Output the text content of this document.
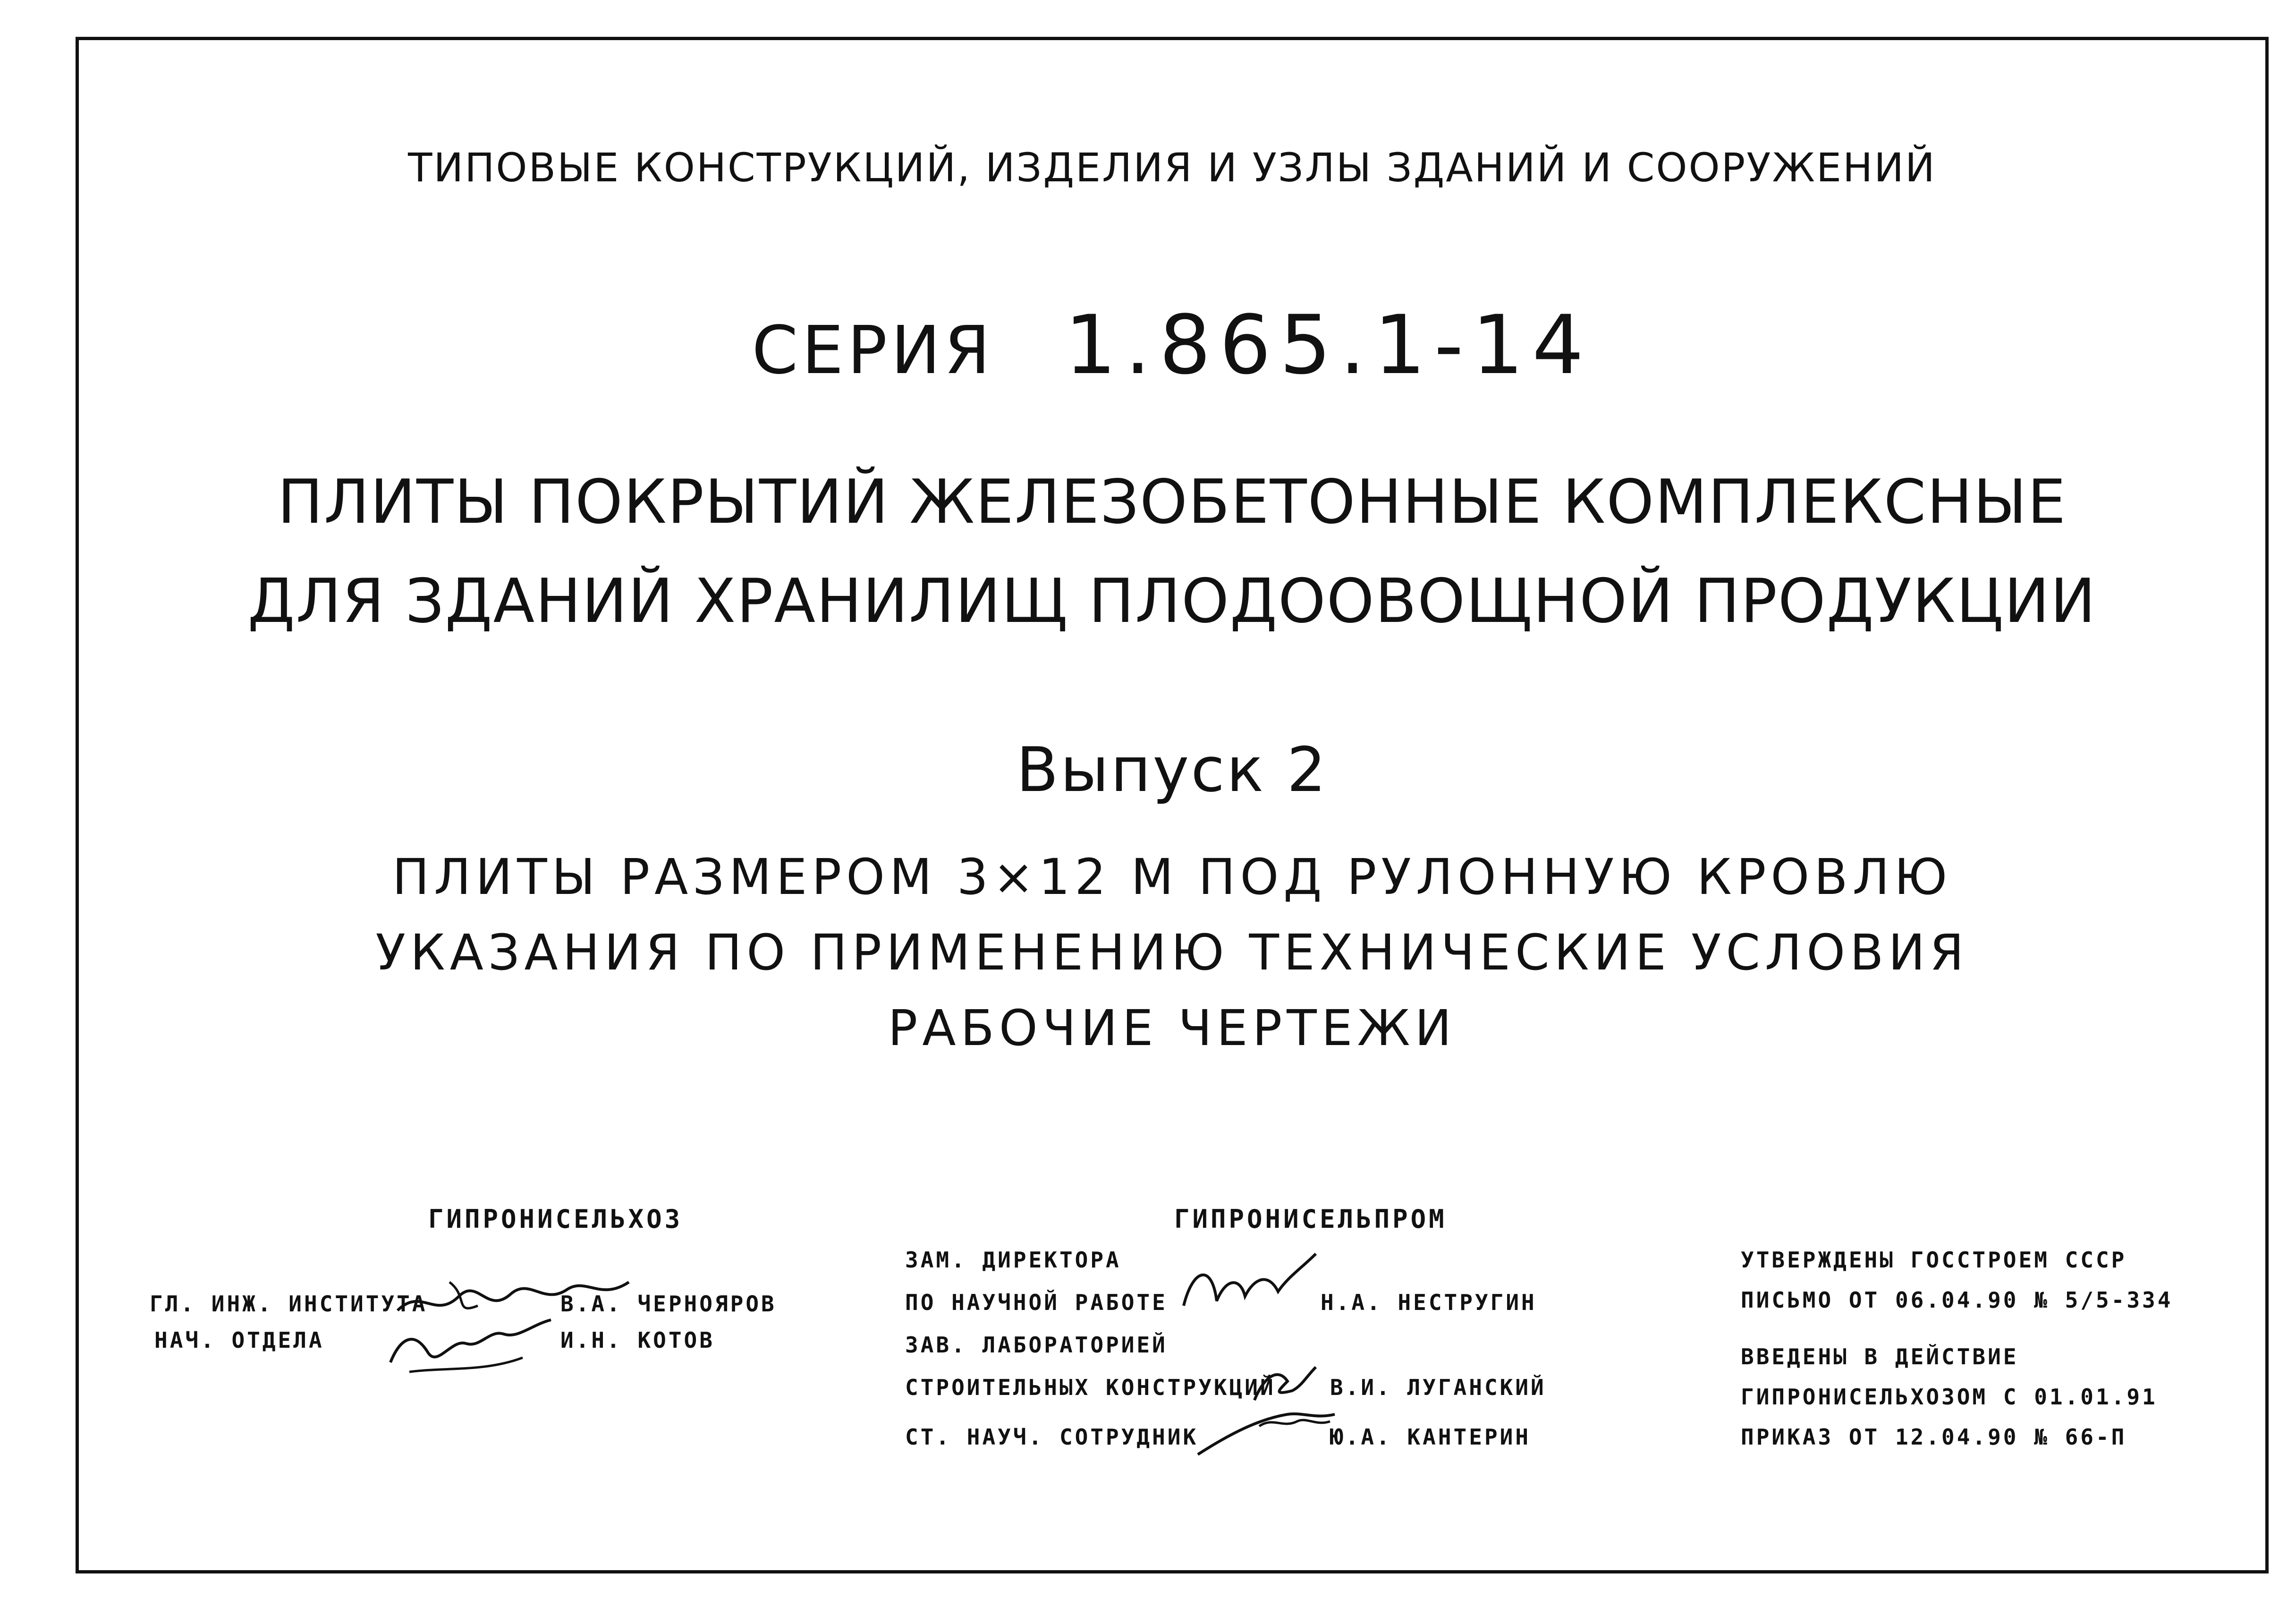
ТИПОВЫЕ КОНСТРУКЦИЙ, ИЗДЕЛИЯ И УЗЛЫ ЗДАНИЙ И СООРУЖЕНИЙ
СЕРИЯ 1.865.1-14
ПЛИТЫ ПОКРЫТИЙ ЖЕЛЕЗОБЕТОННЫЕ КОМПЛЕКСНЫЕ
ДЛЯ ЗДАНИЙ ХРАНИЛИЩ ПЛОДООВОЩНОЙ ПРОДУКЦИИ
Выпуск 2
ПЛИТЫ РАЗМЕРОМ 3×12 М ПОД РУЛОННУЮ КРОВЛЮ
УКАЗАНИЯ ПО ПРИМЕНЕНИЮ ТЕХНИЧЕСКИЕ УСЛОВИЯ
РАБОЧИЕ ЧЕРТЕЖИ
ГИПРОНИСЕЛЬХОЗ	ГИПРОНИСЕЛЬПРОМ
ГЛ. ИНЖ. ИНСТИТУТА	В.А. ЧЕРНОЯРОВ
НАЧ. ОТДЕЛА	И.Н. КОТОВ
ЗАМ. ДИРЕКТОРА
ПО НАУЧНОЙ РАБОТЕ	Н.А. НЕСТРУГИН
ЗАВ. ЛАБОРАТОРИЕЙ
СТРОИТЕЛЬНЫХ КОНСТРУКЦИЙ	В.И. ЛУГАНСКИЙ
СТ. НАУЧ. СОТРУДНИК	Ю.А. КАНТЕРИН
УТВЕРЖДЕНЫ ГОССТРОЕМ СССР
ПИСЬМО ОТ 06.04.90 № 5/5-334
ВВЕДЕНЫ В ДЕЙСТВИЕ
ГИПРОНИСЕЛЬХОЗОМ С 01.01.91
ПРИКАЗ ОТ 12.04.90 № 66-П
